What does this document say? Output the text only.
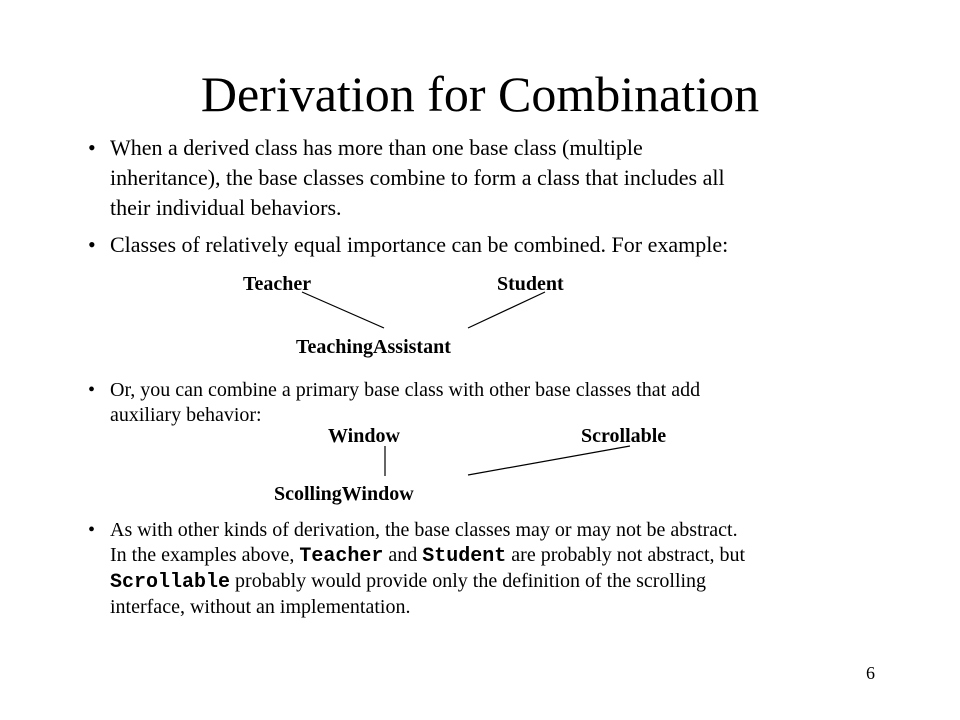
Derivation for Combination
• When a derived class has more than one base class (multiple
inheritance), the base classes combine to form a class that includes all
their individual behaviors.
• Classes of relatively equal importance can be combined. For example:
Teacher	Student
TeachingAssistant
• Or, you can combine a primary base class with other base classes that add
auxiliary behavior:
Window	Scrollable
ScollingWindow
• As with other kinds of derivation, the base classes may or may not be abstract.
In the examples above, Teacher and Student are probably not abstract, but
Scrollable probably would provide only the definition of the scrolling
interface, without an implementation.
6
